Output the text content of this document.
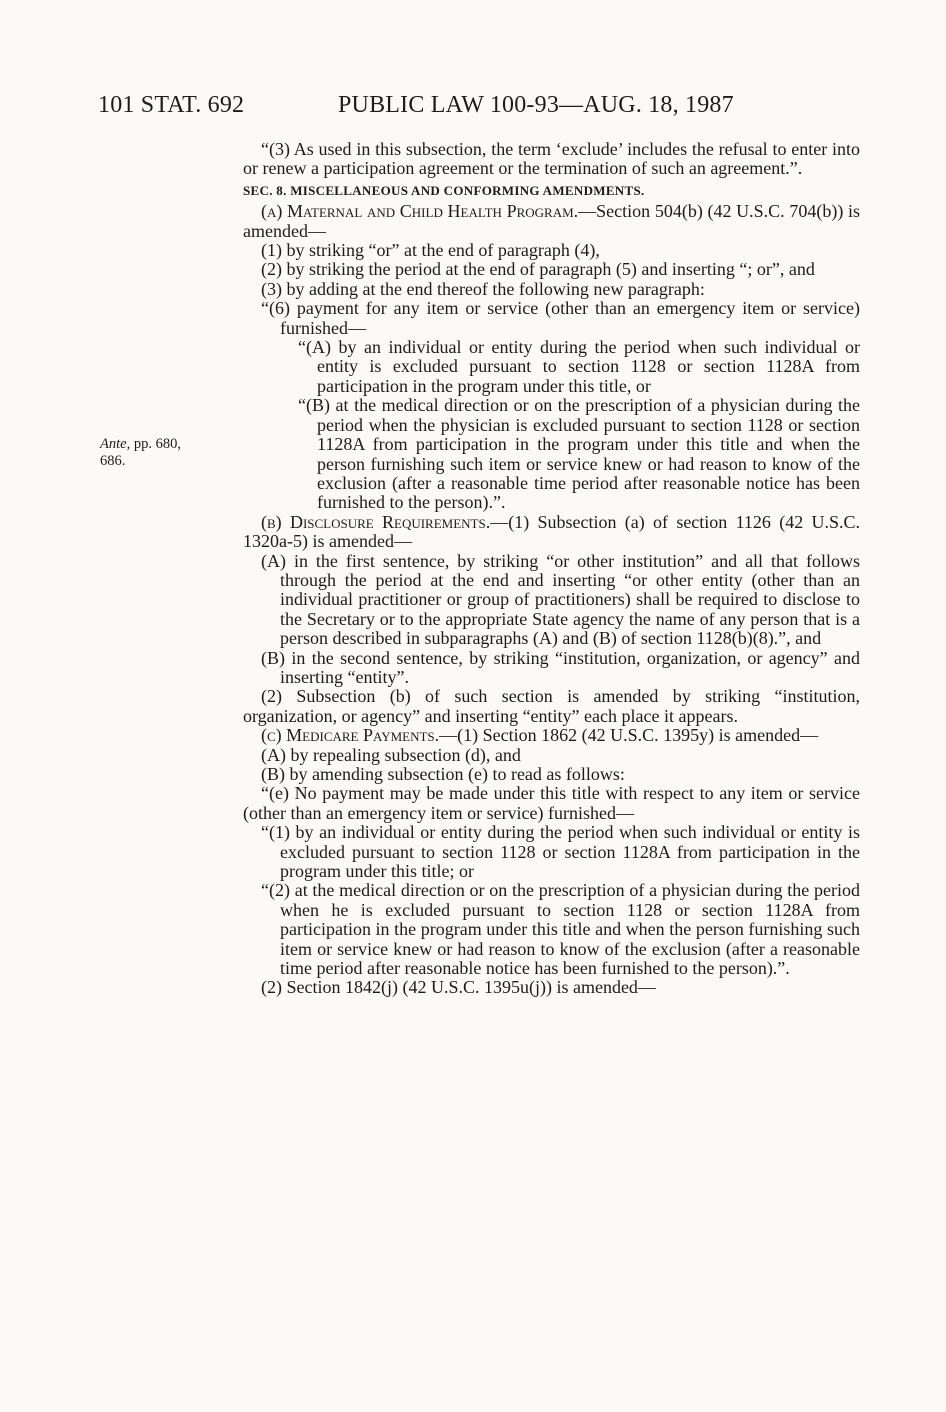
101 STAT. 692	PUBLIC LAW 100-93—AUG. 18, 1987
Ante, pp. 680,
686.

“(3) As used in this subsection, the term ‘exclude’ includes the refusal to enter into or renew a participation agreement or the termination of such an agreement.”.

SEC. 8. MISCELLANEOUS AND CONFORMING AMENDMENTS.

(a) Maternal and Child Health Program.—Section 504(b) (42 U.S.C. 704(b)) is amended—

(1) by striking “or” at the end of paragraph (4),

(2) by striking the period at the end of paragraph (5) and inserting “; or”, and

(3) by adding at the end thereof the following new paragraph:

“(6) payment for any item or service (other than an emergency item or service) furnished—

“(A) by an individual or entity during the period when such individual or entity is excluded pursuant to section 1128 or section 1128A from participation in the program under this title, or

“(B) at the medical direction or on the prescription of a physician during the period when the physician is excluded pursuant to section 1128 or section 1128A from participation in the program under this title and when the person furnishing such item or service knew or had reason to know of the exclusion (after a reasonable time period after reasonable notice has been furnished to the person).”.

(b) Disclosure Requirements.—(1) Subsection (a) of section 1126 (42 U.S.C. 1320a-5) is amended—

(A) in the first sentence, by striking “or other institution” and all that follows through the period at the end and inserting “or other entity (other than an individual practitioner or group of practitioners) shall be required to disclose to the Secretary or to the appropriate State agency the name of any person that is a person described in subparagraphs (A) and (B) of section 1128(b)(8).”, and

(B) in the second sentence, by striking “institution, organization, or agency” and inserting “entity”.

(2) Subsection (b) of such section is amended by striking “institution, organization, or agency” and inserting “entity” each place it appears.

(c) Medicare Payments.—(1) Section 1862 (42 U.S.C. 1395y) is amended—

(A) by repealing subsection (d), and

(B) by amending subsection (e) to read as follows:

“(e) No payment may be made under this title with respect to any item or service (other than an emergency item or service) furnished—

“(1) by an individual or entity during the period when such individual or entity is excluded pursuant to section 1128 or section 1128A from participation in the program under this title; or

“(2) at the medical direction or on the prescription of a physician during the period when he is excluded pursuant to section 1128 or section 1128A from participation in the program under this title and when the person furnishing such item or service knew or had reason to know of the exclusion (after a reasonable time period after reasonable notice has been furnished to the person).”.

(2) Section 1842(j) (42 U.S.C. 1395u(j)) is amended—
